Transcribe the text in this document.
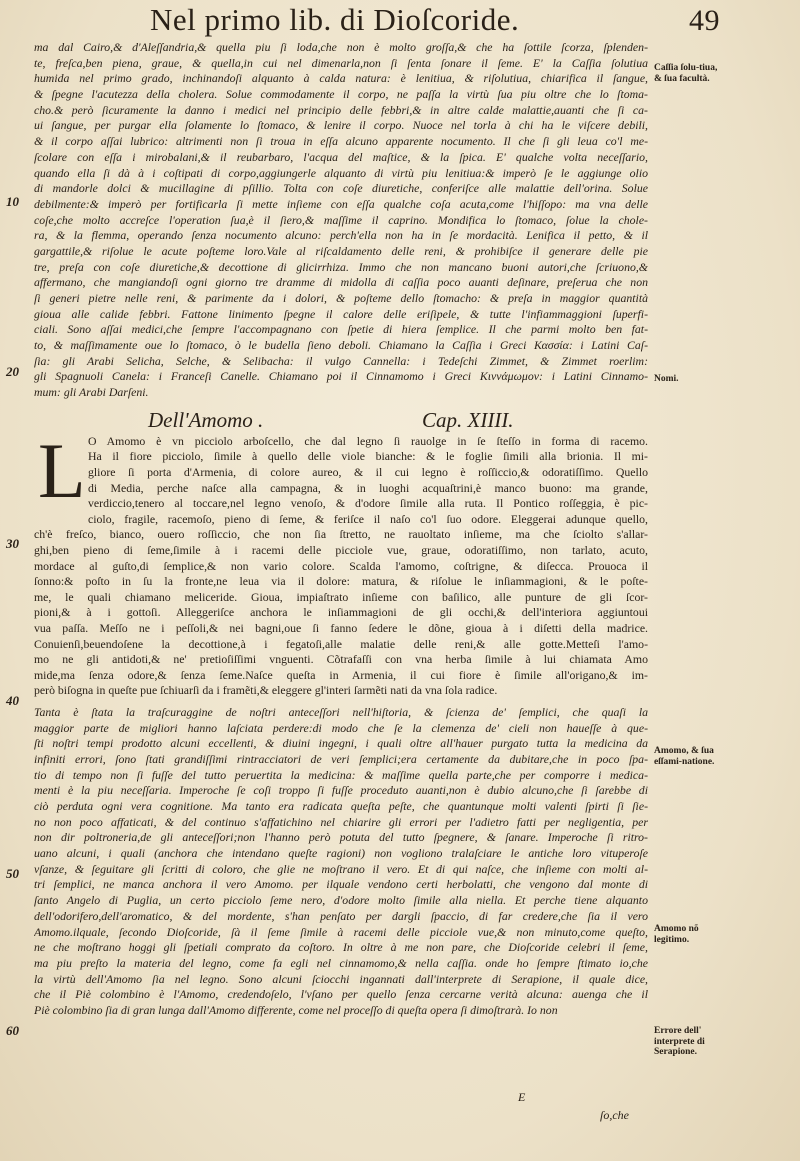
Nel primo lib. di Dioſcoride.	49
ma dal Cairo,& d'Aleſſandria,& quella piu ſi loda,che non è molto groſſa,& che ha ſottile ſcorza, ſplenden-
te, freſca,ben piena, graue, & quella,in cui nel dimenarla,non ſi ſenta ſonare il ſeme. E' la Caſſia ſolutiua
humida nel primo grado, inchinandoſi alquanto à calda natura: è lenitiua, & riſolutiua, chiarifica il ſangue,
& ſpegne l'acutezza della cholera. Solue commodamente il corpo, ne paſſa la virtù ſua piu oltre che lo ſtoma-
cho.& però ſicuramente la danno i medici nel principio delle febbri,& in altre calde malattie,auanti che ſi ca-
ui ſangue, per purgar ella ſolamente lo ſtomaco, & lenire il corpo. Nuoce nel torla à chi ha le viſcere debili,
& il corpo aſſai lubrico: altrimenti non ſi troua in eſſa alcuno apparente nocumento. Il che ſi gli leua co'l me-
ſcolare con eſſa i mirobalani,& il reubarbaro, l'acqua del maſtice, & la ſpica. E' qualche volta neceſſario,
quando ella ſi dà à i coſtipati di corpo,aggiungerle alquanto di virtù piu lenitiua:& imperò ſe le aggiunge olio
di mandorle dolci & mucillagine di pſillio. Tolta con coſe diuretiche, conferiſce alle malattie dell'orina. Solue
debilmente:& imperò per fortificarla ſi mette inſieme con eſſa qualche coſa acuta,come l'hiſſopo: ma vna delle
coſe,che molto accreſce l'operation ſua,è il ſiero,& maſſime il caprino. Mondifica lo ſtomaco, ſolue la chole-
ra, & la flemma, operando ſenza nocumento alcuno: perch'ella non ha in ſe mordacità. Lenifica il petto, & il
gargattile,& riſolue le acute poſteme loro.Vale al riſcaldamento delle reni, & prohibiſce il generare delle pie
tre, preſa con coſe diuretiche,& decottione di glicirrhiza. Immo che non mancano buoni autori,che ſcriuono,&
affermano, che mangiandoſi ogni giorno tre dramme di midolla di caſſia poco auanti deſinare, preſerua che non
ſi generi pietre nelle reni, & parimente da i dolori, & poſteme dello ſtomacho: & preſa in maggior quantità
gioua alle calide febbri. Fattone linimento ſpegne il calore delle eriſipele, & tutte l'infiammaggioni ſuperfi-
ciali. Sono aſſai medici,che ſempre l'accompagnano con ſpetie di hiera ſemplice. Il che parmi molto ben fat-
to, & maſſimamente oue lo ſtomaco, ò le budella ſieno deboli. Chiamano la Caſſia i Greci Κασσία: i Latini Caſ-
ſia: gli Arabi Selicha, Selche, & Selibacha: il vulgo Cannella: i Tedeſchi Zimmet, & Zimmet roerlim:
gli Spagnuoli Canela: i Franceſi Canelle. Chiamano poi il Cinnamomo i Greci Κιννάμωμον: i Latini Cinnamo-
mum: gli Arabi Darſeni.
Dell'Amomo .	Cap. XIIII.
L O Amomo è vn picciolo arboſcello, che dal legno ſi rauolge in ſe ſteſſo in forma di racemo.
Ha il fiore picciolo, ſimile à quello delle viole bianche: & le foglie ſimili alla brionia. Il mi-
gliore ſi porta d'Armenia, di colore aureo, & il cui legno è roſſiccio,& odoratiſſimo. Quello
di Media, perche naſce alla campagna, & in luoghi acquaſtrini,è manco buono: ma grande,
verdiccio,tenero al toccare,nel legno venoſo, & d'odore ſimile alla ruta. Il Pontico roſſeggia, è pic-
ciolo, fragile, racemoſo, pieno di ſeme, & feriſce il naſo co'l ſuo odore. Eleggerai adunque quello,
ch'è freſco, bianco, ouero roſſiccio, che non ſia ſtretto, ne rauoltato inſieme, ma che ſciolto s'allar-
ghi,ben pieno di ſeme,ſimile à i racemi delle picciole vue, graue, odoratiſſimo, non tarlato, acuto,
mordace al guſto,di ſemplice,& non vario colore. Scalda l'amomo, coſtrigne, & diſecca. Prouoca il
ſonno:& poſto in ſu la fronte,ne leua via il dolore: matura, & riſolue le inſiammagioni, & le poſte-
me, le quali chiamano meliceride. Gioua, impiaſtrato inſieme con baſilico, alle punture de gli ſcor-
pioni,& à i gottoſi. Alleggeriſce anchora le inſiammagioni de gli occhi,& dell'interiora aggiuntoui
vua paſſa. Meſſo ne i peſſoli,& nei bagni,oue ſi fanno ſedere le dõne, gioua à i diſetti della madrice.
Conuienſi,beuendoſene la decottione,à i fegatoſi,alle malatie delle reni,& alle gotte.Metteſi l'amo-
mo ne gli antidoti,& ne' pretioſiſſimi vnguenti. Cõtrafaſſi con vna herba ſimile à lui chiamata Amo
mide,ma ſenza odore,& ſenza ſeme.Naſce queſta in Armenia, il cui fiore è ſimile all'origano,& im-
però biſogna in queſte pue ſchiuarſi da i framẽti,& eleggere gl'interi ſarmẽti nati da vna ſola radice.
Tanta è ſtata la traſcuraggine de noſtri anteceſſori nell'hiſtoria, & ſcienza de' ſemplici, che quaſi la
maggior parte de migliori hanno laſciata perdere:di modo che ſe la clemenza de' cieli non haueſſe à que-
ſti noſtri tempi prodotto alcuni eccellenti, & diuini ingegni, i quali oltre all'hauer purgato tutta la medicina da
infiniti errori, ſono ſtati grandiſſimi rintracciatori de veri ſemplici;era certamente da dubitare,che in poco ſpa-
tio di tempo non ſi fuſſe del tutto peruertita la medicina: & maſſime quella parte,che per comporre i medica-
menti è la piu neceſſaria. Imperoche ſe coſi troppo ſi fuſſe proceduto auanti,non è dubio alcuno,che ſi ſarebbe di
ciò perduta ogni vera cognitione. Ma tanto era radicata queſta peſte, che quantunque molti valenti ſpirti ſi ſie-
no non poco affaticati, & del continuo s'affatichino nel chiarire gli errori per l'adietro fatti per negligentia, per
non dir poltroneria,de gli anteceſſori;non l'hanno però potuta del tutto ſpegnere, & ſanare. Imperoche ſi ritro-
uano alcuni, i quali (anchora che intendano queſte ragioni) non vogliono tralaſciare le antiche loro vituperoſe
vſanze, & ſeguitare gli ſcritti di coloro, che glie ne moſtrano il vero. Et di qui naſce, che inſieme con molti al-
tri ſemplici, ne manca anchora il vero Amomo. per ilquale vendono certi herbolatti, che vengono dal monte di
ſanto Angelo di Puglia, un certo picciolo ſeme nero, d'odore molto ſimile alla niella. Et perche tiene alquanto
dell'odorifero,dell'aromatico, & del mordente, s'han penſato per dargli ſpaccio, di far credere,che ſia il vero
Amomo.ilquale, ſecondo Dioſcoride, ſà il ſeme ſimile à racemi delle picciole vue,& non minuto,come queſto,
ne che moſtrano hoggi gli ſpetiali comprato da coſtoro. In oltre à me non pare, che Dioſcoride celebri il ſeme,
ma piu preſto la materia del legno, come fa egli nel cinnamomo,& nella caſſia. onde ho ſempre ſtimato io,che
la virtù dell'Amomo ſia nel legno. Sono alcuni ſciocchi ingannati dall'interprete di Serapione, il quale dice,
che il Piè colombino è l'Amomo, credendoſelo, l'vſano per quello ſenza cercarne verità alcuna: auenga che il
Piè colombino ſia di gran lunga dall'Amomo differente, come nel proceſſo di queſta opera ſi dimoſtrarà. Io non
Caſſia ſolu-tiua, & ſua facultà.
Nomi.
Amomo, & ſua eſſami-natione.
Amomo nõ legitimo.
Errore dell' interprete di Serapione.
10
20
30
40
50
60
E
ſo,che
